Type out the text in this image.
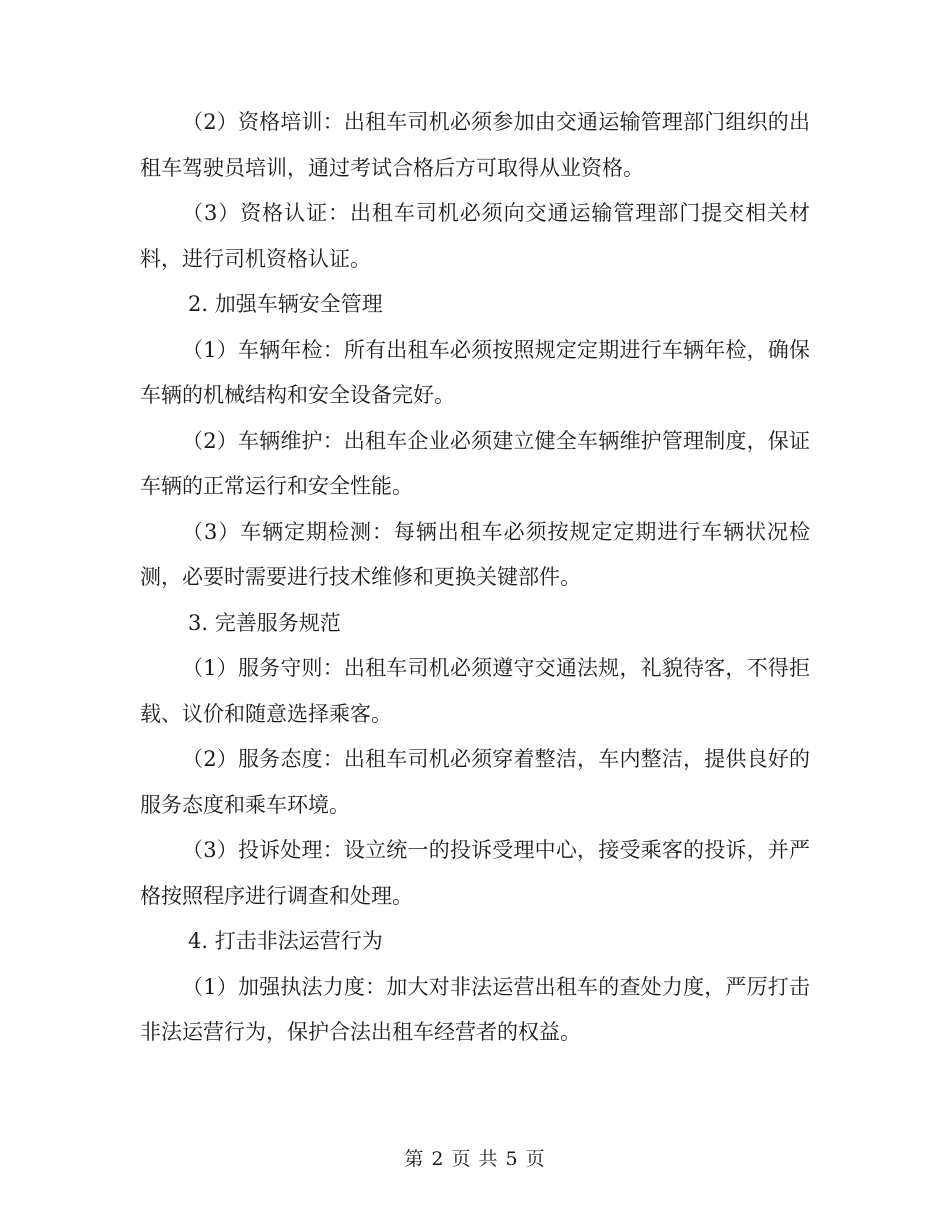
（2）资格培训：出租车司机必须参加由交通运输管理部门组织的出租车驾驶员培训，通过考试合格后方可取得从业资格。

（3）资格认证：出租车司机必须向交通运输管理部门提交相关材料，进行司机资格认证。

2. 加强车辆安全管理

（1）车辆年检：所有出租车必须按照规定定期进行车辆年检，确保车辆的机械结构和安全设备完好。

（2）车辆维护：出租车企业必须建立健全车辆维护管理制度，保证车辆的正常运行和安全性能。

（3）车辆定期检测：每辆出租车必须按规定定期进行车辆状况检测，必要时需要进行技术维修和更换关键部件。

3. 完善服务规范

（1）服务守则：出租车司机必须遵守交通法规，礼貌待客，不得拒载、议价和随意选择乘客。

（2）服务态度：出租车司机必须穿着整洁，车内整洁，提供良好的服务态度和乘车环境。

（3）投诉处理：设立统一的投诉受理中心，接受乘客的投诉，并严格按照程序进行调查和处理。

4. 打击非法运营行为

（1）加强执法力度：加大对非法运营出租车的查处力度，严厉打击非法运营行为，保护合法出租车经营者的权益。

第 2 页 共 5 页
